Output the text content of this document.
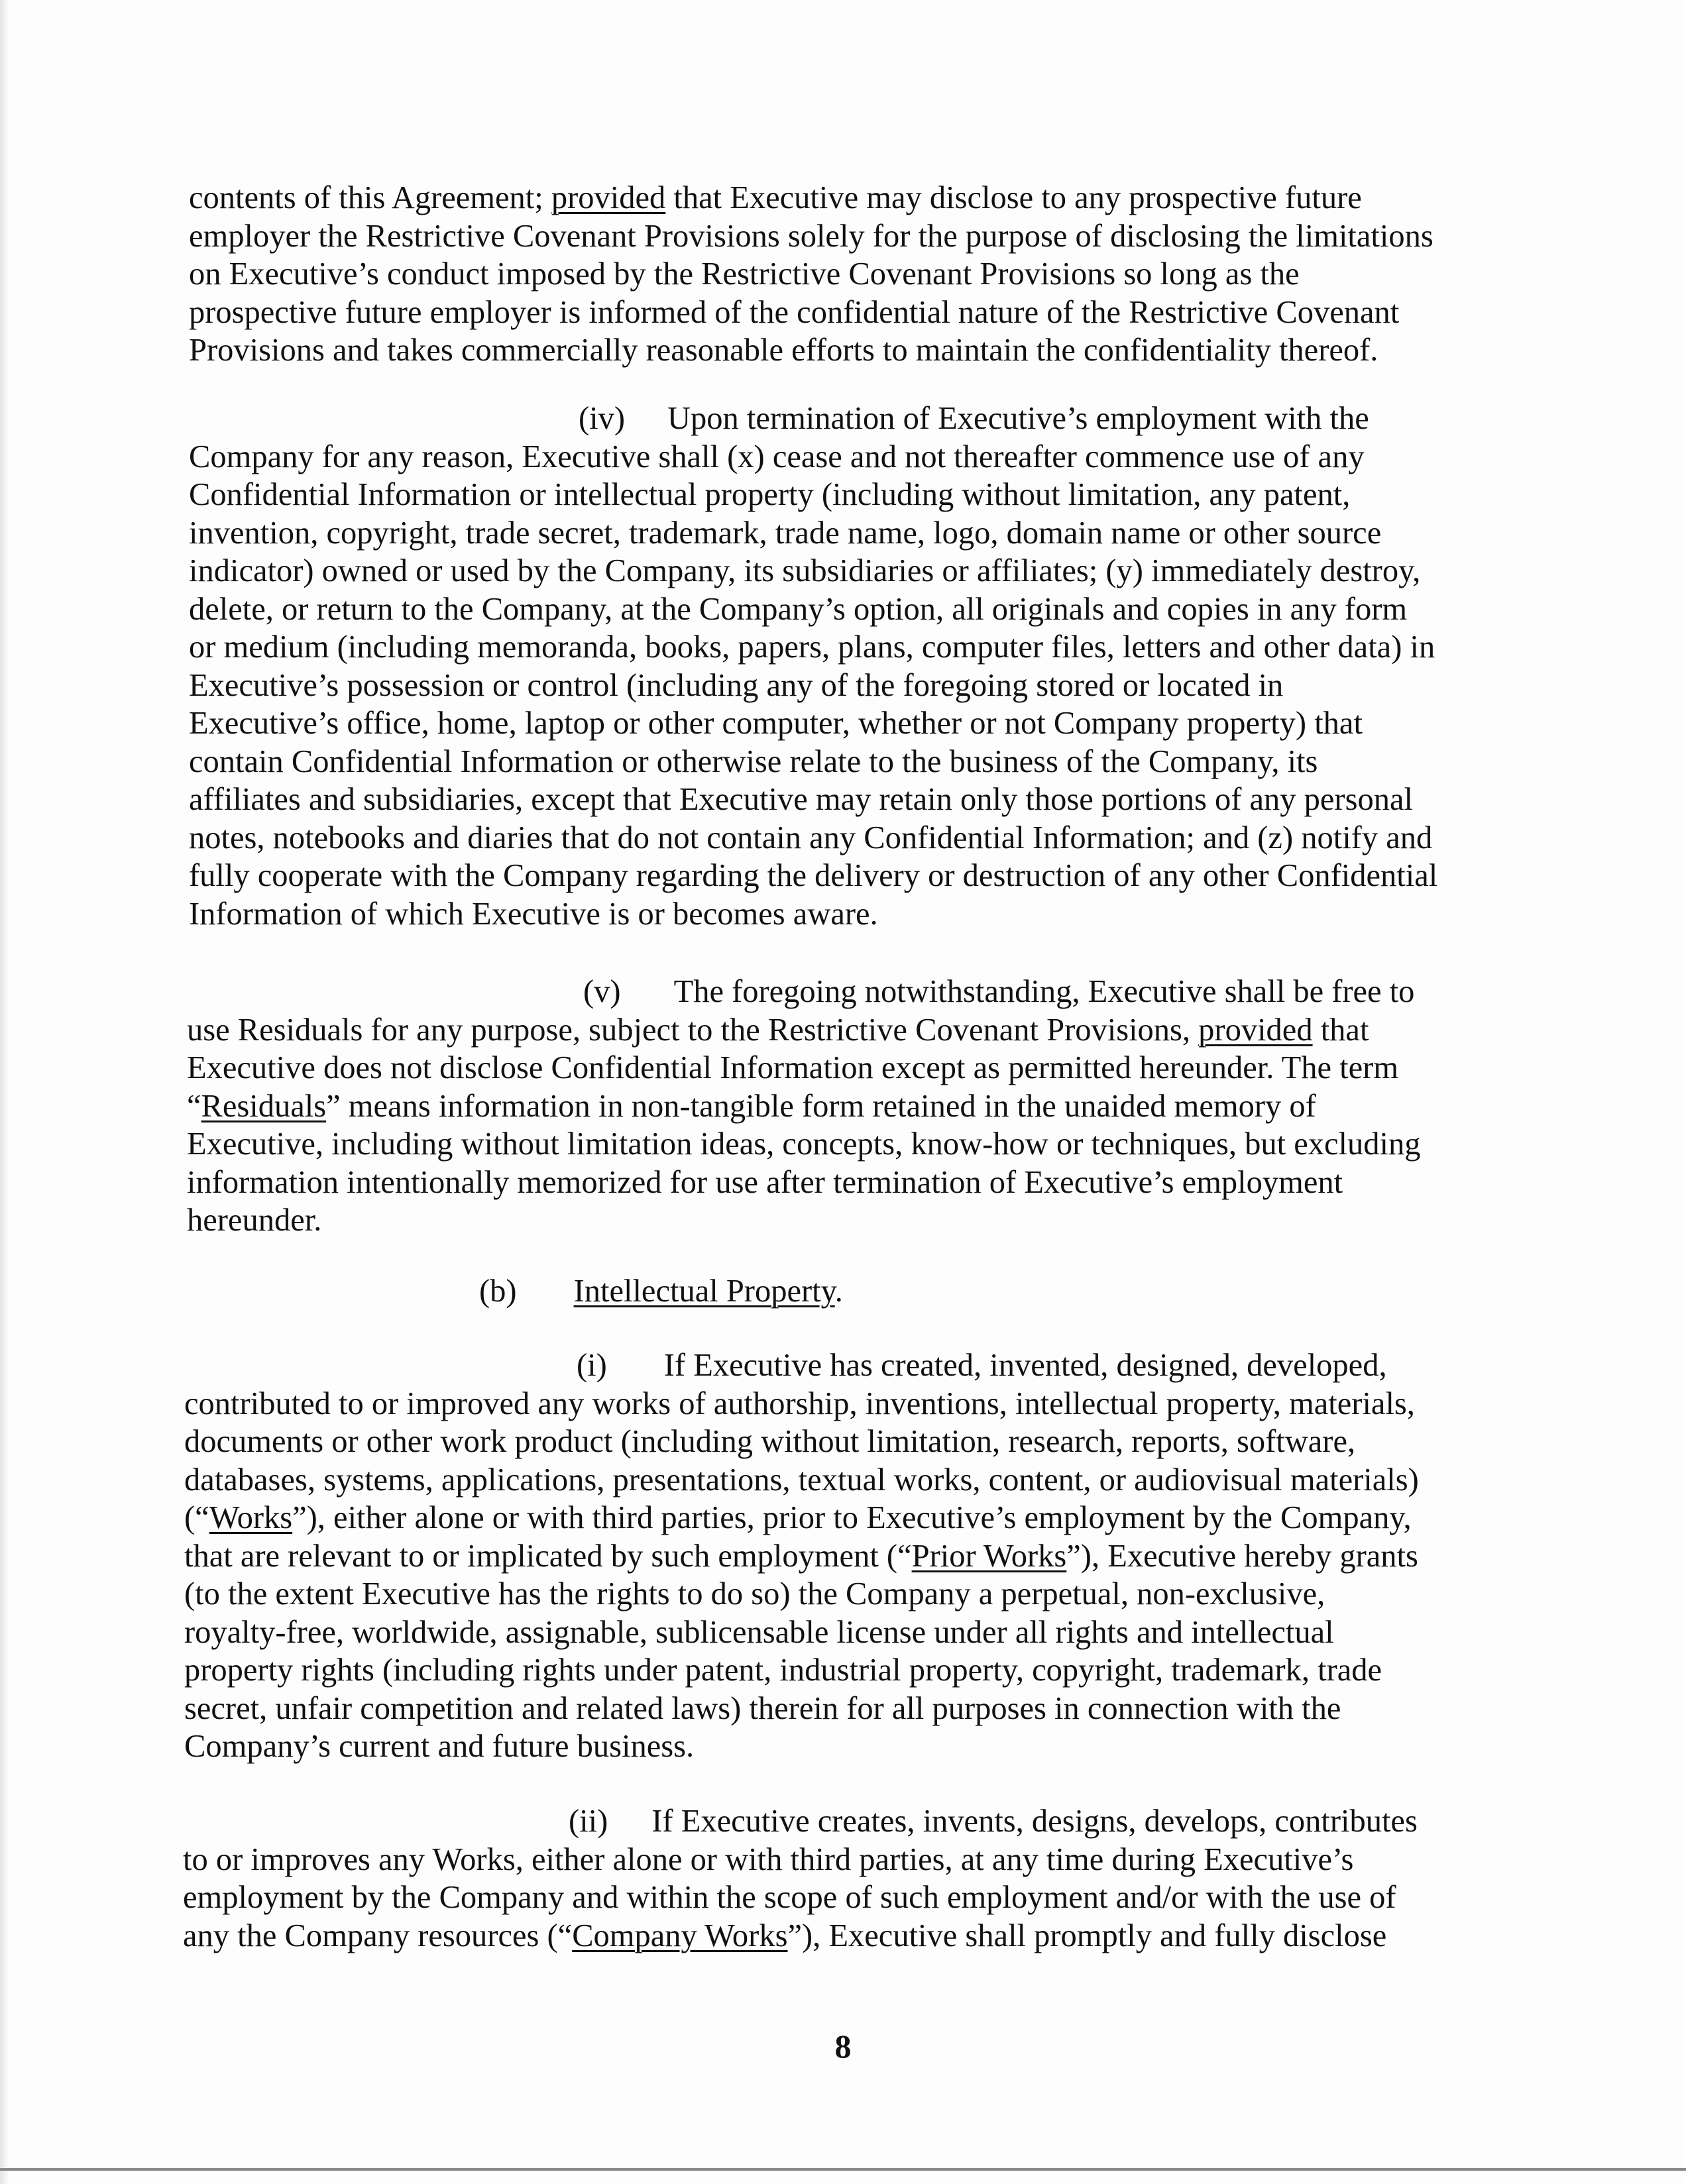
contents of this Agreement; provided that Executive may disclose to any prospective future
employer the Restrictive Covenant Provisions solely for the purpose of disclosing the limitations
on Executive’s conduct imposed by the Restrictive Covenant Provisions so long as the
prospective future employer is informed of the confidential nature of the Restrictive Covenant
Provisions and takes commercially reasonable efforts to maintain the confidentiality thereof.
(iv) Upon termination of Executive’s employment with the
Company for any reason, Executive shall (x) cease and not thereafter commence use of any
Confidential Information or intellectual property (including without limitation, any patent,
invention, copyright, trade secret, trademark, trade name, logo, domain name or other source
indicator) owned or used by the Company, its subsidiaries or affiliates; (y) immediately destroy,
delete, or return to the Company, at the Company’s option, all originals and copies in any form
or medium (including memoranda, books, papers, plans, computer files, letters and other data) in
Executive’s possession or control (including any of the foregoing stored or located in
Executive’s office, home, laptop or other computer, whether or not Company property) that
contain Confidential Information or otherwise relate to the business of the Company, its
affiliates and subsidiaries, except that Executive may retain only those portions of any personal
notes, notebooks and diaries that do not contain any Confidential Information; and (z) notify and
fully cooperate with the Company regarding the delivery or destruction of any other Confidential
Information of which Executive is or becomes aware.
(v) The foregoing notwithstanding, Executive shall be free to
use Residuals for any purpose, subject to the Restrictive Covenant Provisions, provided that
Executive does not disclose Confidential Information except as permitted hereunder. The term
“Residuals” means information in non-tangible form retained in the unaided memory of
Executive, including without limitation ideas, concepts, know-how or techniques, but excluding
information intentionally memorized for use after termination of Executive’s employment
hereunder.
(b) Intellectual Property.
(i) If Executive has created, invented, designed, developed,
contributed to or improved any works of authorship, inventions, intellectual property, materials,
documents or other work product (including without limitation, research, reports, software,
databases, systems, applications, presentations, textual works, content, or audiovisual materials)
(“Works”), either alone or with third parties, prior to Executive’s employment by the Company,
that are relevant to or implicated by such employment (“Prior Works”), Executive hereby grants
(to the extent Executive has the rights to do so) the Company a perpetual, non-exclusive,
royalty-free, worldwide, assignable, sublicensable license under all rights and intellectual
property rights (including rights under patent, industrial property, copyright, trademark, trade
secret, unfair competition and related laws) therein for all purposes in connection with the
Company’s current and future business.
(ii) If Executive creates, invents, designs, develops, contributes
to or improves any Works, either alone or with third parties, at any time during Executive’s
employment by the Company and within the scope of such employment and/or with the use of
any the Company resources (“Company Works”), Executive shall promptly and fully disclose
8
